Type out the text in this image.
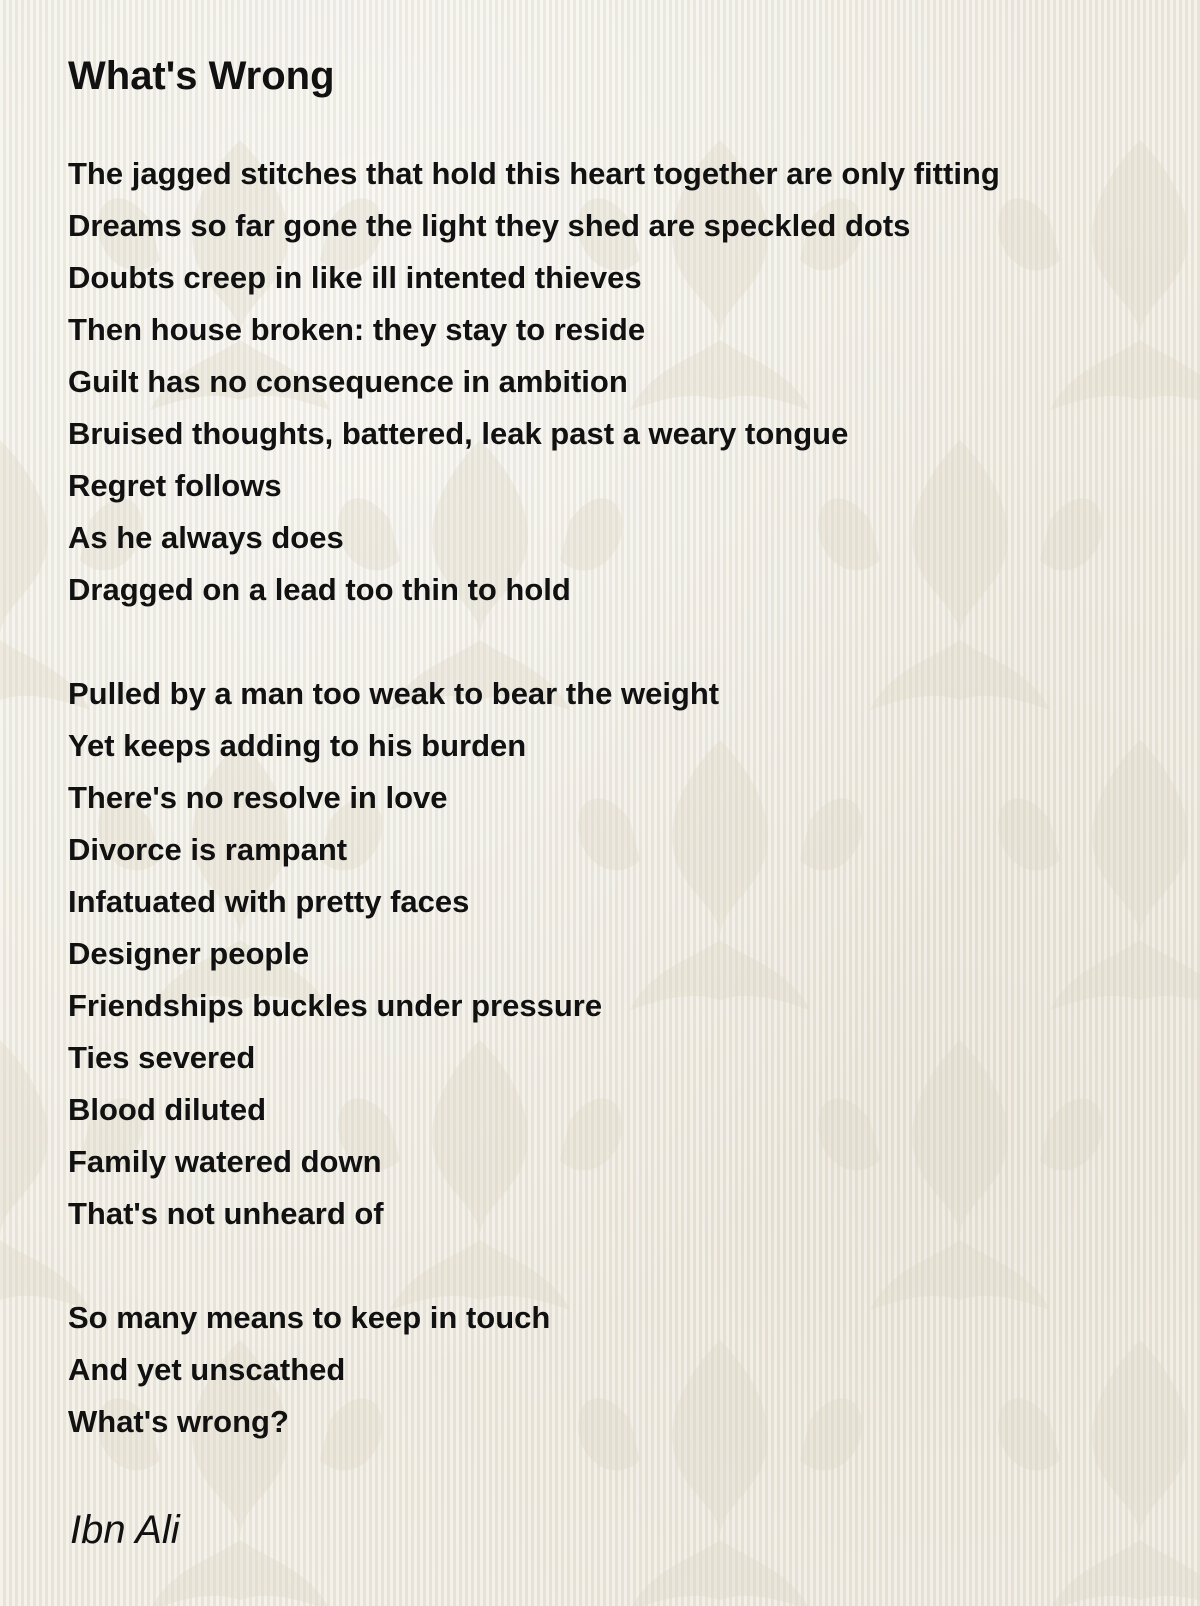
What's Wrong
The jagged stitches that hold this heart together are only fitting
Dreams so far gone the light they shed are speckled dots
Doubts creep in like ill intented thieves
Then house broken: they stay to reside
Guilt has no consequence in ambition
Bruised thoughts, battered, leak past a weary tongue
Regret follows
As he always does
Dragged on a lead too thin to hold
Pulled by a man too weak to bear the weight
Yet keeps adding to his burden
There's no resolve in love
Divorce is rampant
Infatuated with pretty faces
Designer people
Friendships buckles under pressure
Ties severed
Blood diluted
Family watered down
That's not unheard of
So many means to keep in touch
And yet unscathed
What's wrong?
Ibn Ali
